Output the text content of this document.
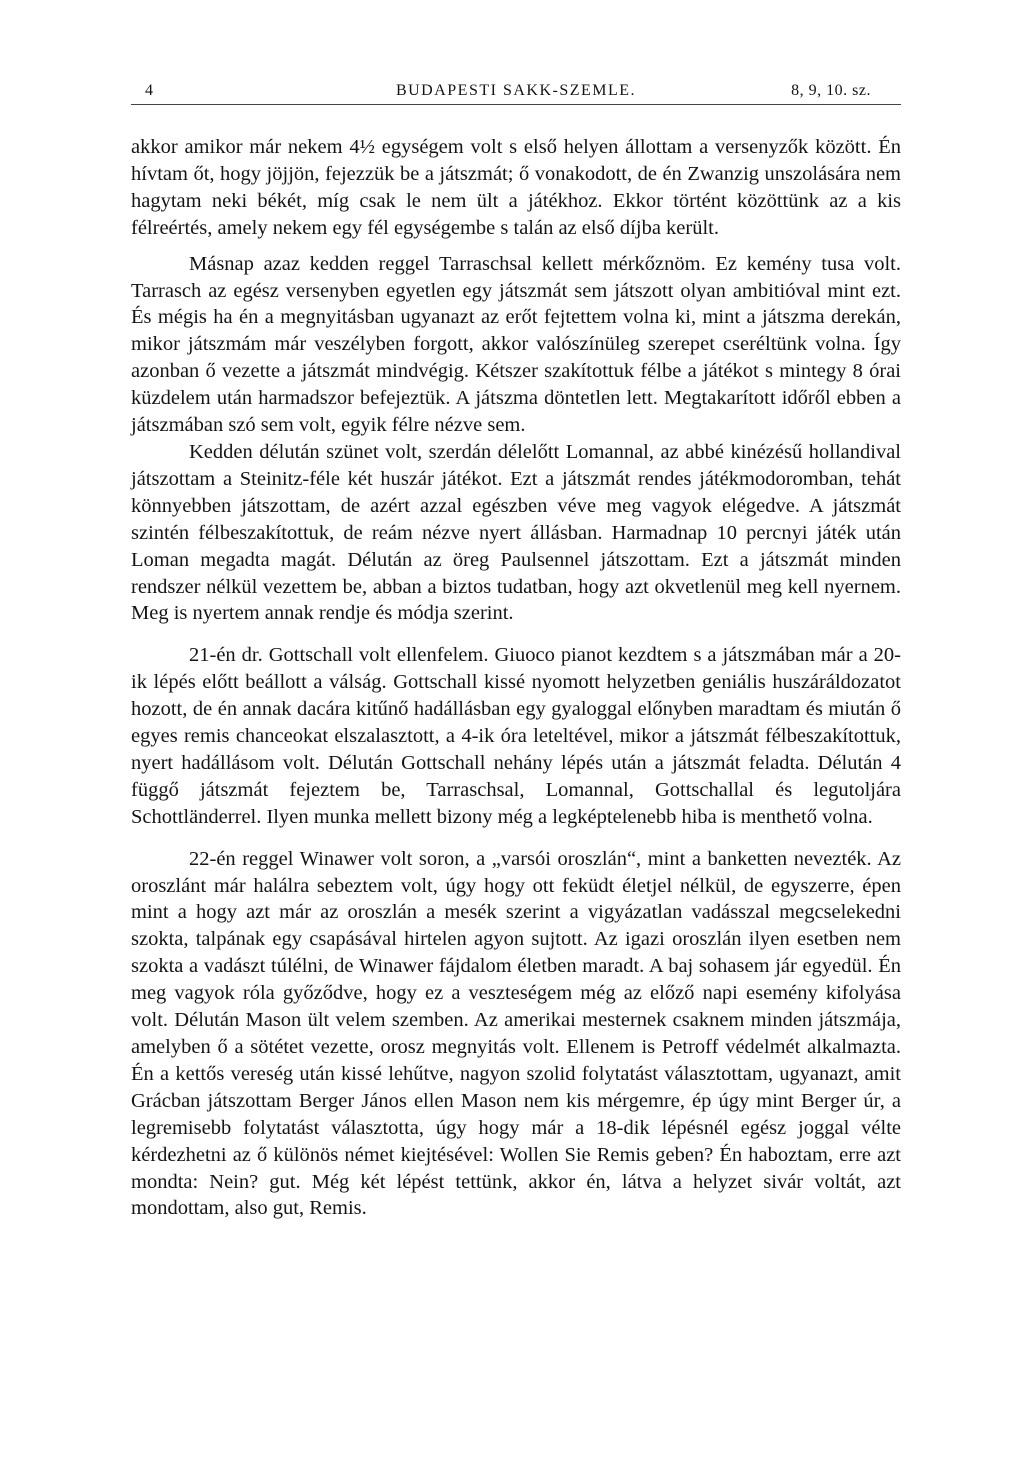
4	BUDAPESTI SAKK-SZEMLE.	8, 9, 10. sz.

akkor amikor már nekem 4½ egységem volt s első helyen állottam a versenyzők között. Én hívtam őt, hogy jöjjön, fejezzük be a játszmát; ő vonakodott, de én Zwanzig unszolására nem hagytam neki békét, míg csak le nem ült a játékhoz. Ekkor történt közöttünk az a kis félreértés, amely nekem egy fél egységembe s talán az első díjba került.

Másnap azaz kedden reggel Tarraschsal kellett mérkőznöm. Ez kemény tusa volt. Tarrasch az egész versenyben egyetlen egy játszmát sem játszott olyan ambitióval mint ezt. És mégis ha én a megnyitásban ugyanazt az erőt fejtettem volna ki, mint a játszma derekán, mikor játszmám már veszélyben forgott, akkor valószínüleg szerepet cseréltünk volna. Így azonban ő vezette a játszmát mindvégig. Kétszer szakítottuk félbe a játékot s mintegy 8 órai küzdelem után harmadszor befejeztük. A játszma döntetlen lett. Megtakarított időről ebben a játszmában szó sem volt, egyik félre nézve sem.

Kedden délután szünet volt, szerdán délelőtt Lomannal, az abbé kinézésű hollandival játszottam a Steinitz-féle két huszár játékot. Ezt a játszmát rendes játékmodoromban, tehát könnyebben játszottam, de azért azzal egészben véve meg vagyok elégedve. A játszmát szintén félbeszakítottuk, de reám nézve nyert állásban. Harmadnap 10 percnyi játék után Loman megadta magát. Délután az öreg Paulsennel játszottam. Ezt a játszmát minden rendszer nélkül vezettem be, abban a biztos tudatban, hogy azt okvetlenül meg kell nyernem. Meg is nyertem annak rendje és módja szerint.

21-én dr. Gottschall volt ellenfelem. Giuoco pianot kezdtem s a játszmában már a 20-ik lépés előtt beállott a válság. Gottschall kissé nyomott helyzetben geniális huszáráldozatot hozott, de én annak dacára kitűnő hadállásban egy gyaloggal előnyben maradtam és miután ő egyes remis chanceokat elszalasztott, a 4-ik óra leteltével, mikor a játszmát félbeszakítottuk, nyert hadállásom volt. Délután Gottschall nehány lépés után a játszmát feladta. Délután 4 függő játszmát fejeztem be, Tarraschsal, Lomannal, Gottschallal és legutoljára Schottländerrel. Ilyen munka mellett bizony még a legképtelenebb hiba is menthető volna.

22-én reggel Winawer volt soron, a „varsói oroszlán“, mint a banketten nevezték. Az oroszlánt már halálra sebeztem volt, úgy hogy ott feküdt életjel nélkül, de egyszerre, épen mint a hogy azt már az oroszlán a mesék szerint a vigyázatlan vadásszal megcselekedni szokta, talpának egy csapásával hirtelen agyon sujtott. Az igazi oroszlán ilyen esetben nem szokta a vadászt túlélni, de Winawer fájdalom életben maradt. A baj sohasem jár egyedül. Én meg vagyok róla győződve, hogy ez a veszteségem még az előző napi esemény kifolyása volt. Délután Mason ült velem szemben. Az amerikai mesternek csaknem minden játszmája, amelyben ő a sötétet vezette, orosz megnyitás volt. Ellenem is Petroff védelmét alkalmazta. Én a kettős vereség után kissé lehűtve, nagyon szolid folytatást választottam, ugyanazt, amit Grácban játszottam Berger János ellen Mason nem kis mérgemre, ép úgy mint Berger úr, a legremisebb folytatást választotta, úgy hogy már a 18-dik lépésnél egész joggal vélte kérdezhetni az ő különös német kiejtésével: Wollen Sie Remis geben? Én haboztam, erre azt mondta: Nein? gut. Még két lépést tettünk, akkor én, látva a helyzet sivár voltát, azt mondottam, also gut, Remis.
